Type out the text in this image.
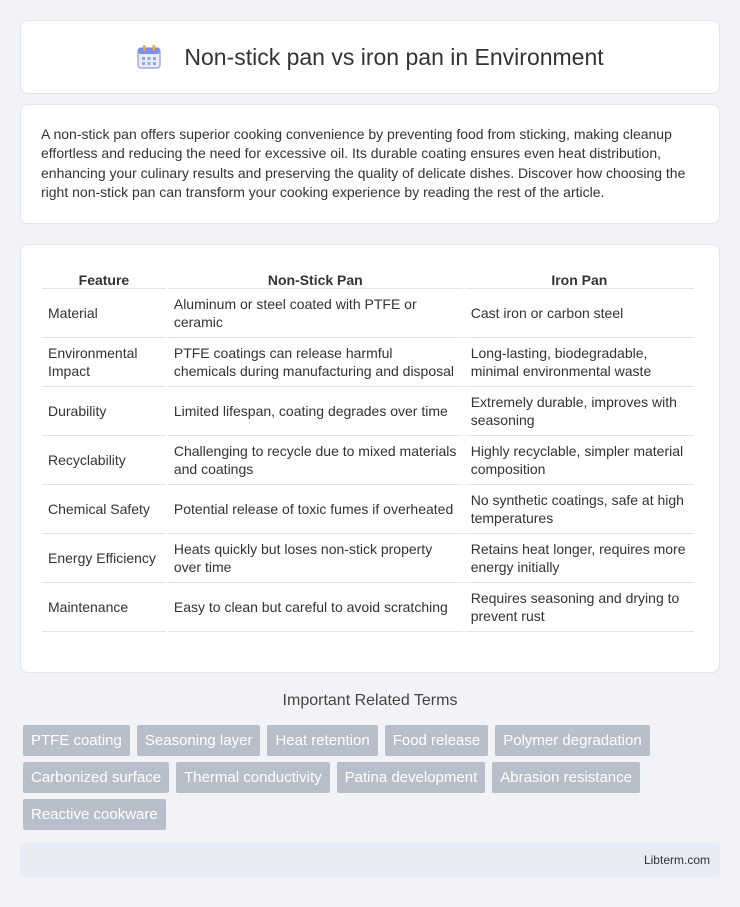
Non-stick pan vs iron pan in Environment

A non-stick pan offers superior cooking convenience by preventing food from sticking, making cleanup effortless and reducing the need for excessive oil. Its durable coating ensures even heat distribution, enhancing your culinary results and preserving the quality of delicate dishes. Discover how choosing the right non-stick pan can transform your cooking experience by reading the rest of the article.

Feature	Non-Stick Pan	Iron Pan
Material	Aluminum or steel coated with PTFE or ceramic	Cast iron or carbon steel
Environmental Impact	PTFE coatings can release harmful chemicals during manufacturing and disposal	Long-lasting, biodegradable, minimal environmental waste
Durability	Limited lifespan, coating degrades over time	Extremely durable, improves with seasoning
Recyclability	Challenging to recycle due to mixed materials and coatings	Highly recyclable, simpler material composition
Chemical Safety	Potential release of toxic fumes if overheated	No synthetic coatings, safe at high temperatures
Energy Efficiency	Heats quickly but loses non-stick property over time	Retains heat longer, requires more energy initially
Maintenance	Easy to clean but careful to avoid scratching	Requires seasoning and drying to prevent rust
Important Related Terms
PTFE coating	Seasoning layer	Heat retention	Food release	Polymer degradation
Carbonized surface	Thermal conductivity	Patina development	Abrasion resistance
Reactive cookware
Libterm.com
